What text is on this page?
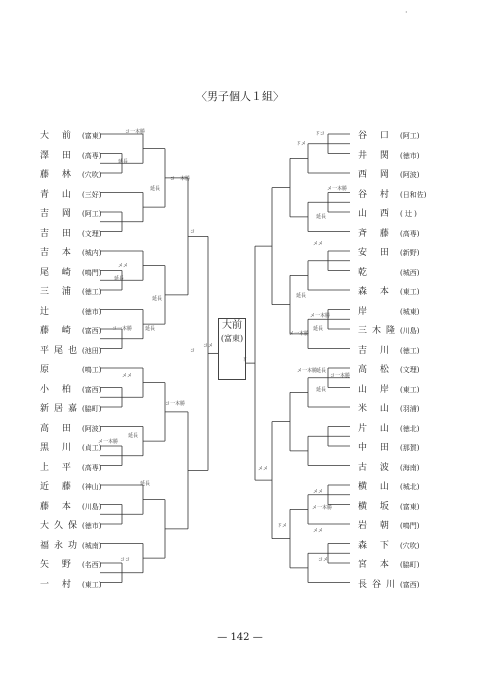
·
〈男子個人１組〉
大 前 (富東)
澤 田 (高専)
藤 林 (穴吹)
青 山 (三好)
吉 岡 (阿工)
吉 田 (文理)
吉 本 (城内)
尾 崎 (鳴門)
三 浦 (徳工)
辻	(徳市)
藤 崎 (富西)
平尾也(池田)
原	(鳴工)
小 柏 (富西)
新居嘉(脇町)
高 田 (阿波)
黒 川 (貞工)
上 平 (高専)
近 藤 (神山)
藤 本 (川島)
大久保(徳市)
福永功(城南)
矢 野 (名西)
一 村 (東工)
谷 口 (阿工)
井 関 (徳市)
西 岡 (阿波)
谷 村 (日和佐)
山 西 ( 辻 )
斉 藤 (高専)
安 田 (新野)
乾	(城西)
森 本 (東工)
岸	(城東)
三木隆(川島)
吉 川 (徳工)
高 松 (文理)
山 岸 (東工)
米 山 (羽浦)
片 山 (徳北)
中 田 (那賀)
古 波 (海南)
横 山 (城北)
横 坂 (富東)
岩 朝 (鳴門)
森 下 (穴吹)
宮 本 (脇町)
長谷川(富西)
大前
(富東)
コ一本勝
延長
コ一本勝
延長
コ
メメ
延長
延長
コ一本勝	延長
コメ
メメ
コ一本勝
延長
メ一本勝
延長
コ
ココ
ドコ
ドメ
メ一本勝
延長
メメ
延長
メ一本勝
延長
メ一本勝
コ一本勝
延長
メ一本勝
延長
メメ
メ一本勝
コメ
ド
メメ
ドメ
メメ
— 142 —
